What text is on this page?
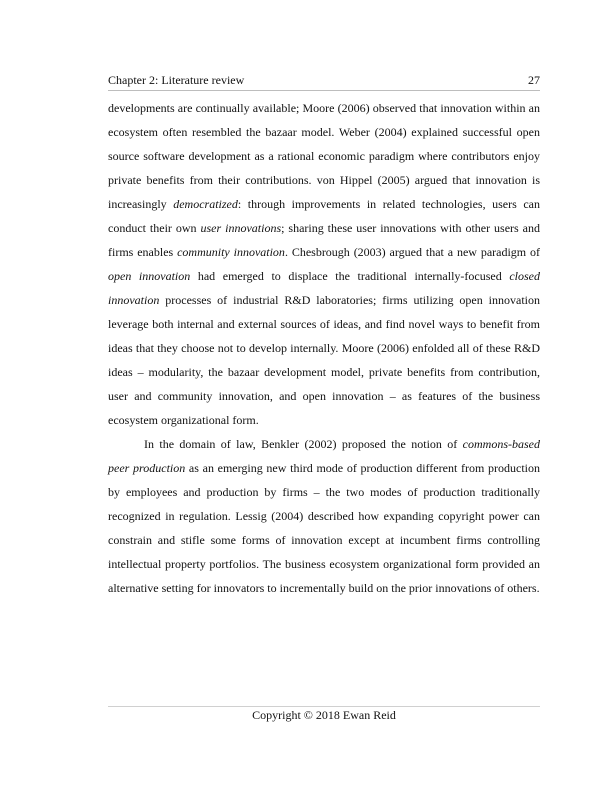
Chapter 2: Literature review	27
developments are continually available; Moore (2006) observed that innovation within an
ecosystem often resembled the bazaar model. Weber (2004) explained successful open
source software development as a rational economic paradigm where contributors enjoy
private benefits from their contributions. von Hippel (2005) argued that innovation is
increasingly democratized: through improvements in related technologies, users can
conduct their own user innovations; sharing these user innovations with other users and
firms enables community innovation. Chesbrough (2003) argued that a new paradigm of
open innovation had emerged to displace the traditional internally-focused closed
innovation processes of industrial R&D laboratories; firms utilizing open innovation
leverage both internal and external sources of ideas, and find novel ways to benefit from
ideas that they choose not to develop internally. Moore (2006) enfolded all of these R&D
ideas – modularity, the bazaar development model, private benefits from contribution,
user and community innovation, and open innovation – as features of the business
ecosystem organizational form.
In the domain of law, Benkler (2002) proposed the notion of commons-based
peer production as an emerging new third mode of production different from production
by employees and production by firms – the two modes of production traditionally
recognized in regulation. Lessig (2004) described how expanding copyright power can
constrain and stifle some forms of innovation except at incumbent firms controlling
intellectual property portfolios. The business ecosystem organizational form provided an
alternative setting for innovators to incrementally build on the prior innovations of others.
Copyright © 2018 Ewan Reid
